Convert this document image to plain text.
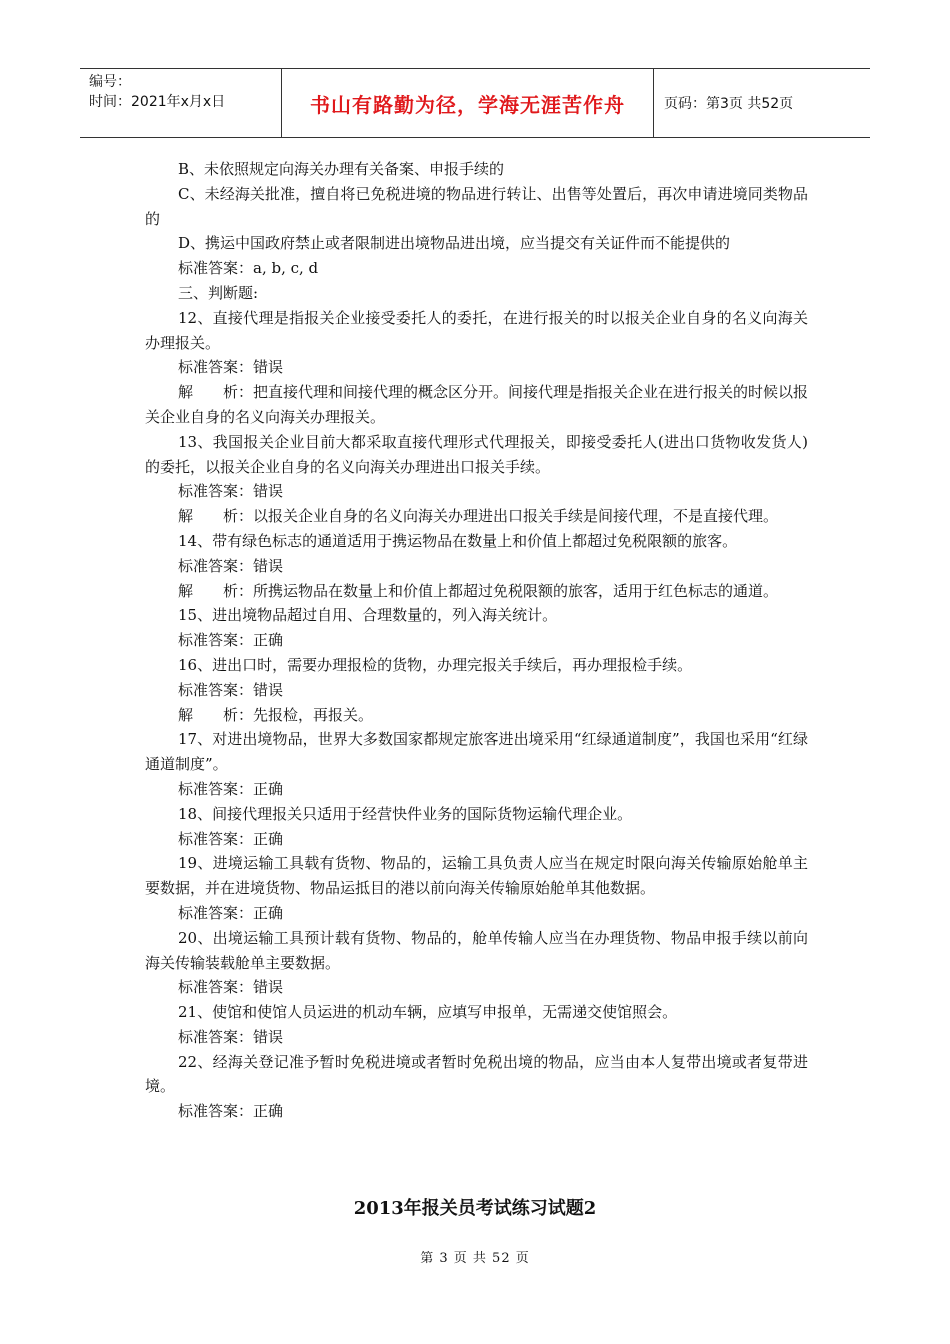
编号：
时间：2021年x月x日	书山有路勤为径，学海无涯苦作舟	页码：第3页 共52页

B、未依照规定向海关办理有关备案、申报手续的

C、未经海关批准，擅自将已免税进境的物品进行转让、出售等处置后，再次申请进境同类物品的

D、携运中国政府禁止或者限制进出境物品进出境，应当提交有关证件而不能提供的

标准答案：a, b, c, d

三、判断题:

12、直接代理是指报关企业接受委托人的委托，在进行报关的时以报关企业自身的名义向海关办理报关。

标准答案：错误

解　　析：把直接代理和间接代理的概念区分开。间接代理是指报关企业在进行报关的时候以报关企业自身的名义向海关办理报关。

13、我国报关企业目前大都采取直接代理形式代理报关，即接受委托人(进出口货物收发货人)的委托，以报关企业自身的名义向海关办理进出口报关手续。

标准答案：错误

解　　析：以报关企业自身的名义向海关办理进出口报关手续是间接代理，不是直接代理。

14、带有绿色标志的通道适用于携运物品在数量上和价值上都超过免税限额的旅客。

标准答案：错误

解　　析：所携运物品在数量上和价值上都超过免税限额的旅客，适用于红色标志的通道。

15、进出境物品超过自用、合理数量的，列入海关统计。

标准答案：正确

16、进出口时，需要办理报检的货物，办理完报关手续后，再办理报检手续。

标准答案：错误

解　　析：先报检，再报关。

17、对进出境物品，世界大多数国家都规定旅客进出境采用“红绿通道制度”，我国也采用“红绿通道制度”。

标准答案：正确

18、间接代理报关只适用于经营快件业务的国际货物运输代理企业。

标准答案：正确

19、进境运输工具载有货物、物品的，运输工具负责人应当在规定时限向海关传输原始舱单主要数据，并在进境货物、物品运抵目的港以前向海关传输原始舱单其他数据。

标准答案：正确

20、出境运输工具预计载有货物、物品的，舱单传输人应当在办理货物、物品申报手续以前向海关传输装载舱单主要数据。

标准答案：错误

21、使馆和使馆人员运进的机动车辆，应填写申报单，无需递交使馆照会。

标准答案：错误

22、经海关登记准予暂时免税进境或者暂时免税出境的物品，应当由本人复带出境或者复带进境。

标准答案：正确

2013年报关员考试练习试题2
第 3 页 共 52 页
